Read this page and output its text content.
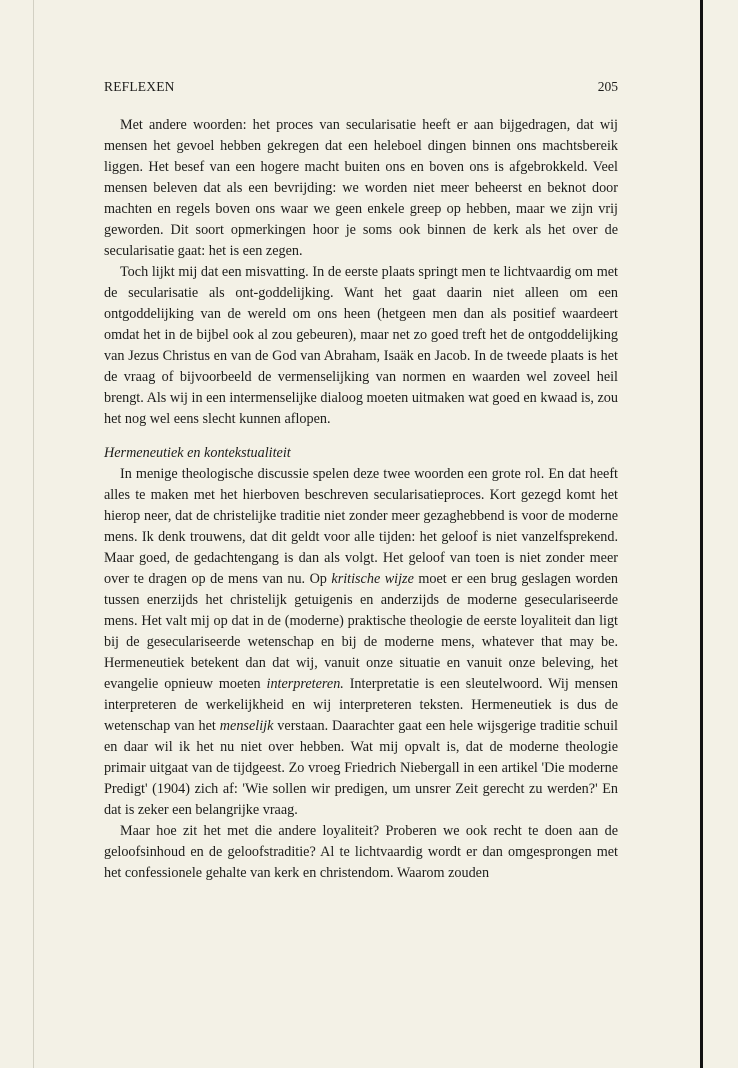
REFLEXEN	205

Met andere woorden: het proces van secularisatie heeft er aan bijgedragen, dat wij mensen het gevoel hebben gekregen dat een heleboel dingen binnen ons machtsbereik liggen. Het besef van een hogere macht buiten ons en boven ons is afgebrokkeld. Veel mensen beleven dat als een bevrijding: we worden niet meer beheerst en beknot door machten en regels boven ons waar we geen enkele greep op hebben, maar we zijn vrij geworden. Dit soort opmerkingen hoor je soms ook binnen de kerk als het over de secularisatie gaat: het is een zegen.

Toch lijkt mij dat een misvatting. In de eerste plaats springt men te lichtvaardig om met de secularisatie als ont-goddelijking. Want het gaat daarin niet alleen om een ontgoddelijking van de wereld om ons heen (hetgeen men dan als positief waardeert omdat het in de bijbel ook al zou gebeuren), maar net zo goed treft het de ontgoddelijking van Jezus Christus en van de God van Abraham, Isaäk en Jacob. In de tweede plaats is het de vraag of bijvoorbeeld de vermenselijking van normen en waarden wel zoveel heil brengt. Als wij in een intermenselijke dialoog moeten uitmaken wat goed en kwaad is, zou het nog wel eens slecht kunnen aflopen.

Hermeneutiek en kontekstualiteit

In menige theologische discussie spelen deze twee woorden een grote rol. En dat heeft alles te maken met het hierboven beschreven secularisatieproces. Kort gezegd komt het hierop neer, dat de christelijke traditie niet zonder meer gezaghebbend is voor de moderne mens. Ik denk trouwens, dat dit geldt voor alle tijden: het geloof is niet vanzelfsprekend. Maar goed, de gedachtengang is dan als volgt. Het geloof van toen is niet zonder meer over te dragen op de mens van nu. Op kritische wijze moet er een brug geslagen worden tussen enerzijds het christelijk getuigenis en anderzijds de moderne geseculariseerde mens. Het valt mij op dat in de (moderne) praktische theologie de eerste loyaliteit dan ligt bij de geseculariseerde wetenschap en bij de moderne mens, whatever that may be. Hermeneutiek betekent dan dat wij, vanuit onze situatie en vanuit onze beleving, het evangelie opnieuw moeten interpreteren. Interpretatie is een sleutelwoord. Wij mensen interpreteren de werkelijkheid en wij interpreteren teksten. Hermeneutiek is dus de wetenschap van het menselijk verstaan. Daarachter gaat een hele wijsgerige traditie schuil en daar wil ik het nu niet over hebben. Wat mij opvalt is, dat de moderne theologie primair uitgaat van de tijdgeest. Zo vroeg Friedrich Niebergall in een artikel 'Die moderne Predigt' (1904) zich af: 'Wie sollen wir predigen, um unsrer Zeit gerecht zu werden?' En dat is zeker een belangrijke vraag.

Maar hoe zit het met die andere loyaliteit? Proberen we ook recht te doen aan de geloofsinhoud en de geloofstraditie? Al te lichtvaardig wordt er dan omgesprongen met het confessionele gehalte van kerk en christendom. Waarom zouden
